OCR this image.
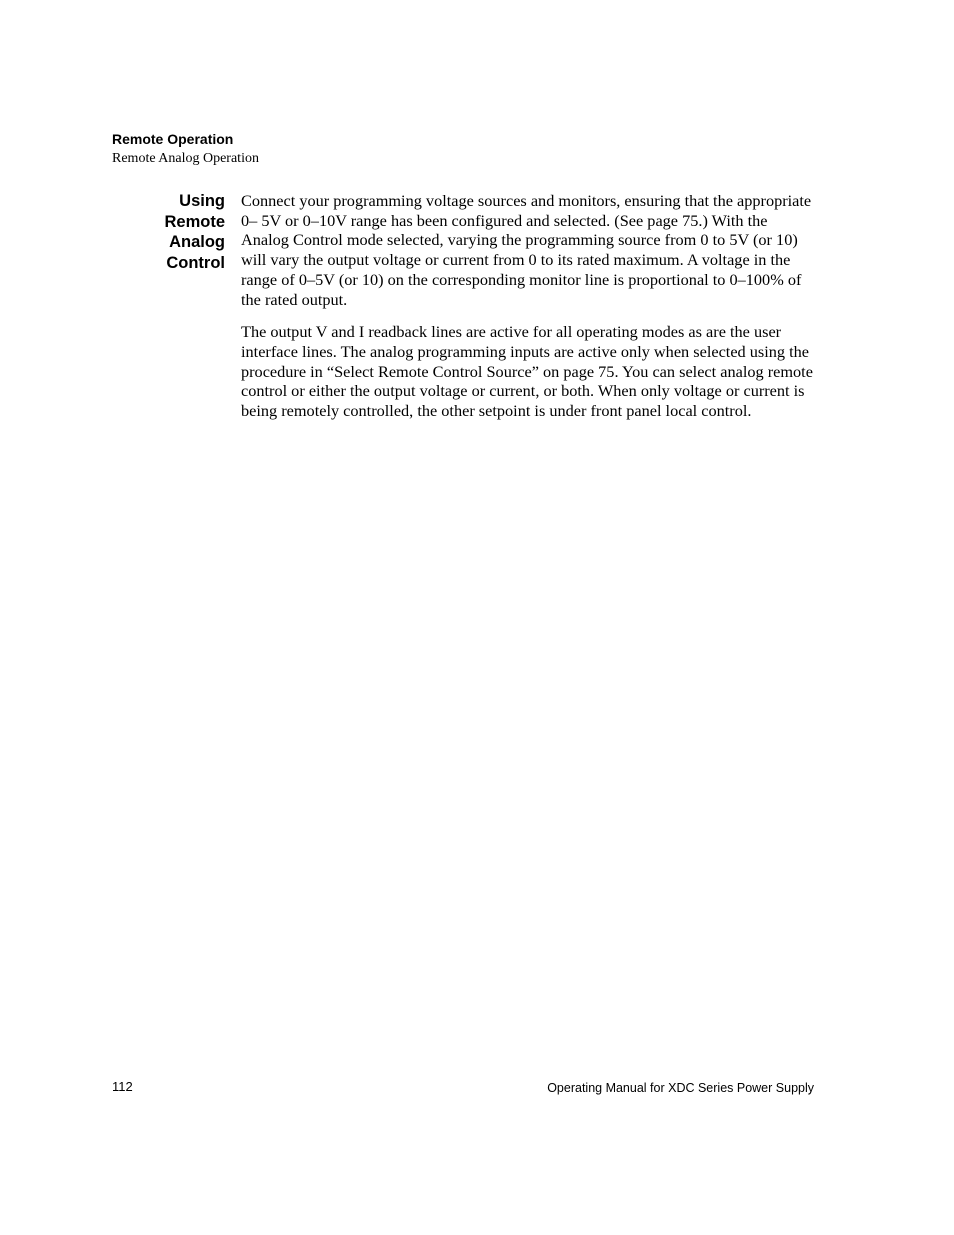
Remote Operation
Remote Analog Operation
Using
Remote
Analog
Control

Connect your programming voltage sources and monitors, ensuring that the appropriate 0– 5V or 0–10V range has been configured and selected. (See page 75.) With the Analog Control mode selected, varying the programming source from 0 to 5V (or 10) will vary the output voltage or current from 0 to its rated maximum. A voltage in the range of 0–5V (or 10) on the corresponding monitor line is proportional to 0–100% of the rated output.

The output V and I readback lines are active for all operating modes as are the user interface lines. The analog programming inputs are active only when selected using the procedure in “Select Remote Control Source” on page 75. You can select analog remote control or either the output voltage or current, or both. When only voltage or current is being remotely controlled, the other setpoint is under front panel local control.

112	Operating Manual for XDC Series Power Supply
